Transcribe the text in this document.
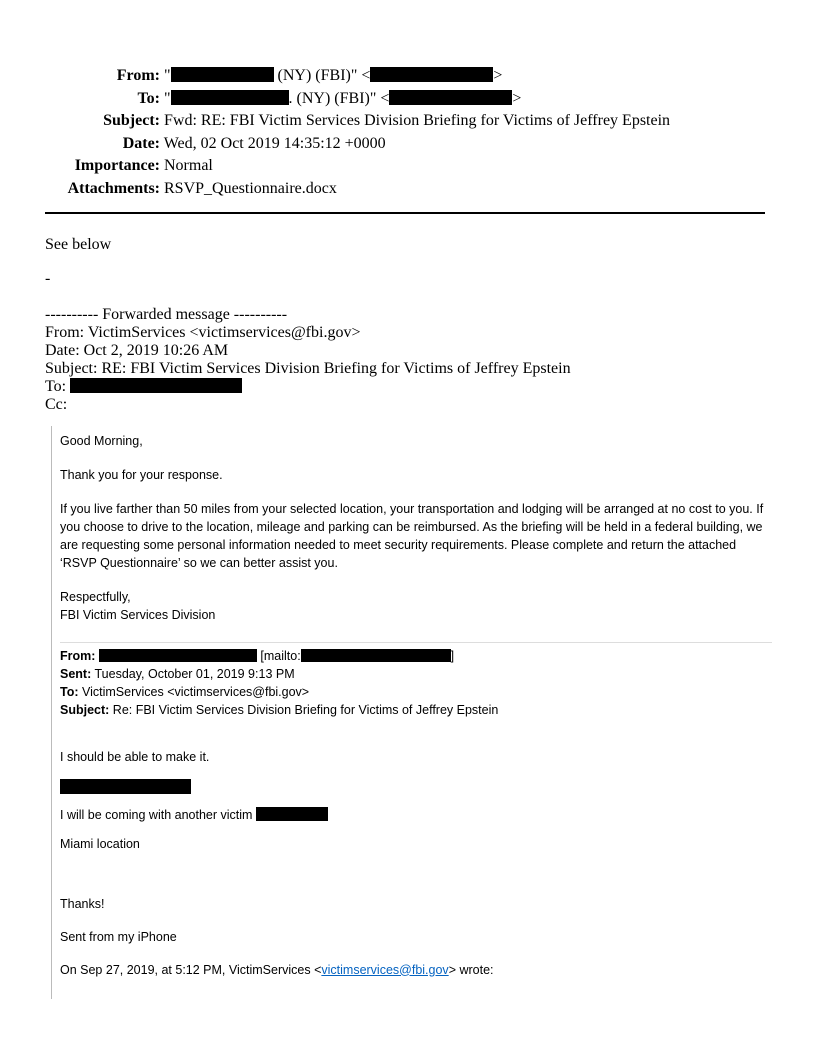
From: "	(NY) (FBI)" <	>
To: "	. (NY) (FBI)" <	>
Subject: Fwd: RE: FBI Victim Services Division Briefing for Victims of Jeffrey Epstein
Date: Wed, 02 Oct 2019 14:35:12 +0000
Importance: Normal
Attachments: RSVP_Questionnaire.docx
See below
-
---------- Forwarded message ----------
From: VictimServices <victimservices@fbi.gov>
Date: Oct 2, 2019 10:26 AM
Subject: RE: FBI Victim Services Division Briefing for Victims of Jeffrey Epstein
To:
Cc:
Good Morning,
Thank you for your response.
If you live farther than 50 miles from your selected location, your transportation and lodging will be arranged at no cost to you. If you choose to drive to the location, mileage and parking can be reimbursed. As the briefing will be held in a federal building, we are requesting some personal information needed to meet security requirements. Please complete and return the attached ‘RSVP Questionnaire’ so we can better assist you.
Respectfully,
FBI Victim Services Division
From:	[mailto:	]
Sent: Tuesday, October 01, 2019 9:13 PM
To: VictimServices <victimservices@fbi.gov>
Subject: Re: FBI Victim Services Division Briefing for Victims of Jeffrey Epstein
I should be able to make it.
I will be coming with another victim
Miami location
Thanks!
Sent from my iPhone
On Sep 27, 2019, at 5:12 PM, VictimServices <victimservices@fbi.gov> wrote:
